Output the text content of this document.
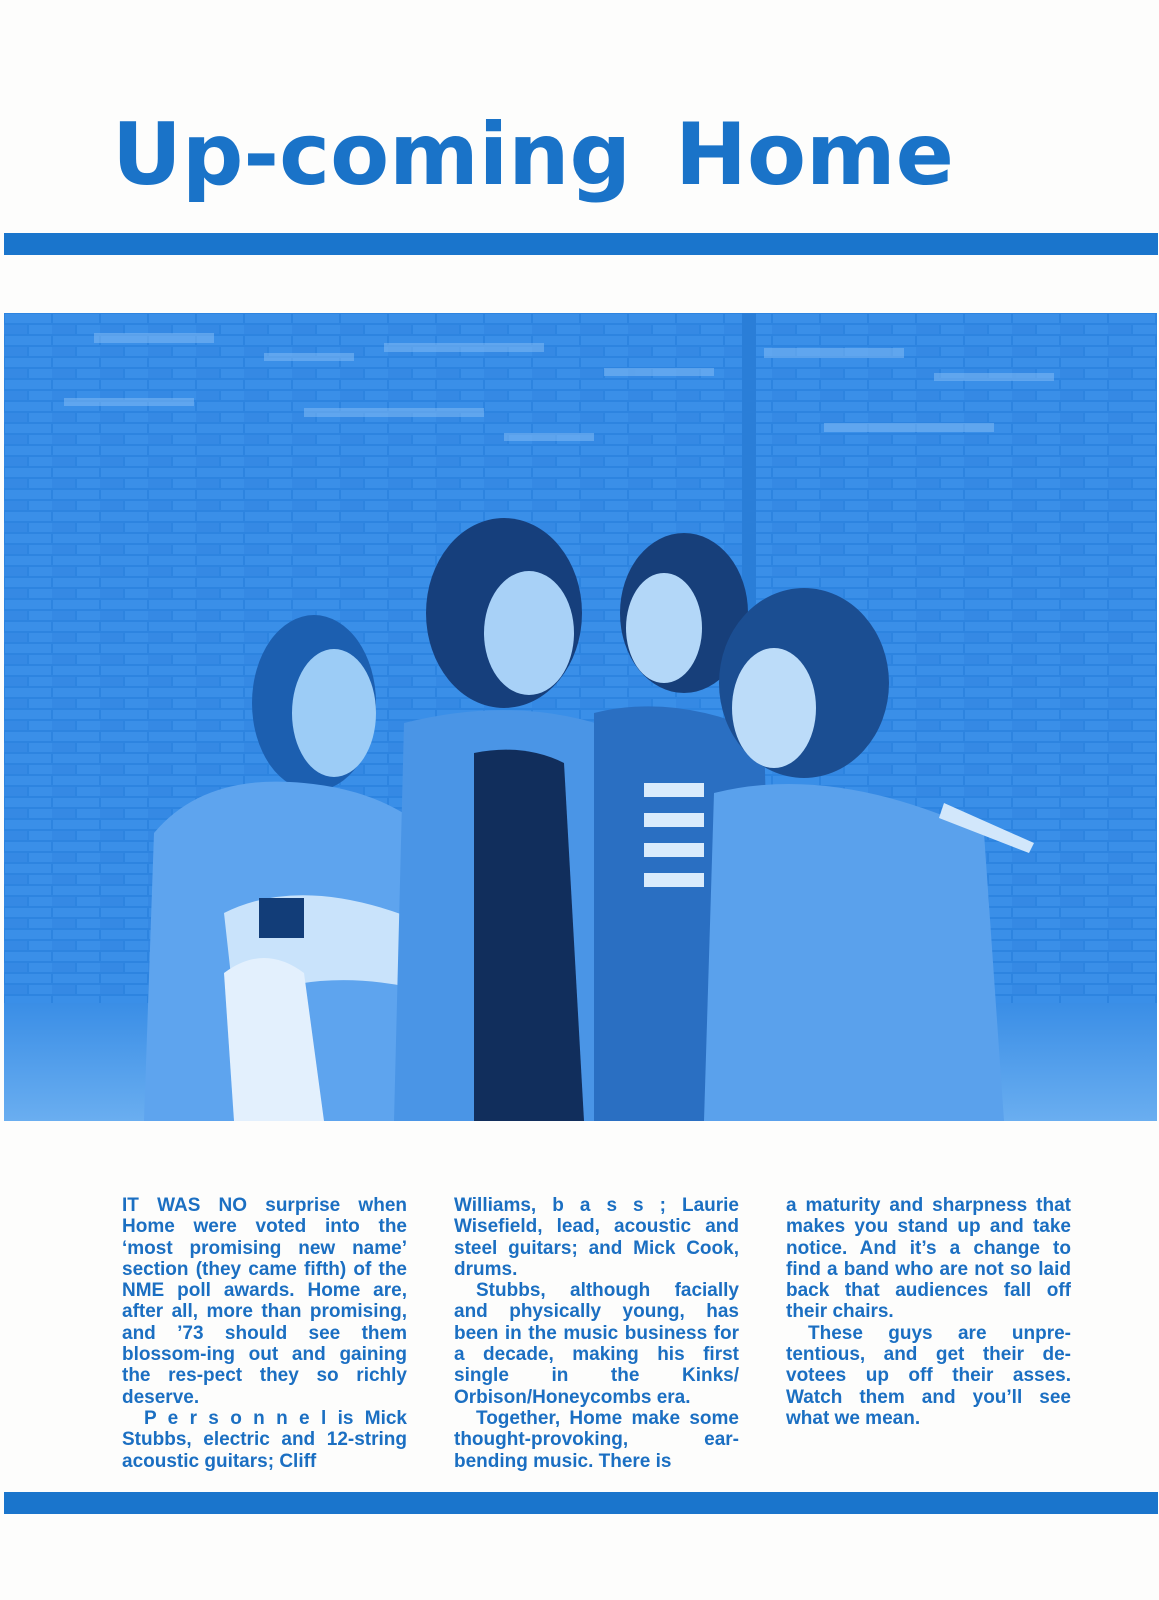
Up-coming Home

IT WAS NO surprise when Home were voted into the ‘most promising new name’ section (they came fifth) of the NME poll awards. Home are, after all, more than promising, and ’73 should see them blossom-ing out and gaining the res-pect they so richly deserve.

P e r s o n n e l is Mick Stubbs, electric and 12-string acoustic guitars; Cliff

Williams, b a s s ; Laurie Wisefield, lead, acoustic and steel guitars; and Mick Cook, drums.

Stubbs, although facially and physically young, has been in the music business for a decade, making his first single in the Kinks/ Orbison/Honeycombs era.

Together, Home make some thought-provoking, ear-bending music. There is

a maturity and sharpness that makes you stand up and take notice. And it’s a change to find a band who are not so laid back that audiences fall off their chairs.

These guys are unpre-tentious, and get their de-votees up off their asses. Watch them and you’ll see what we mean.
